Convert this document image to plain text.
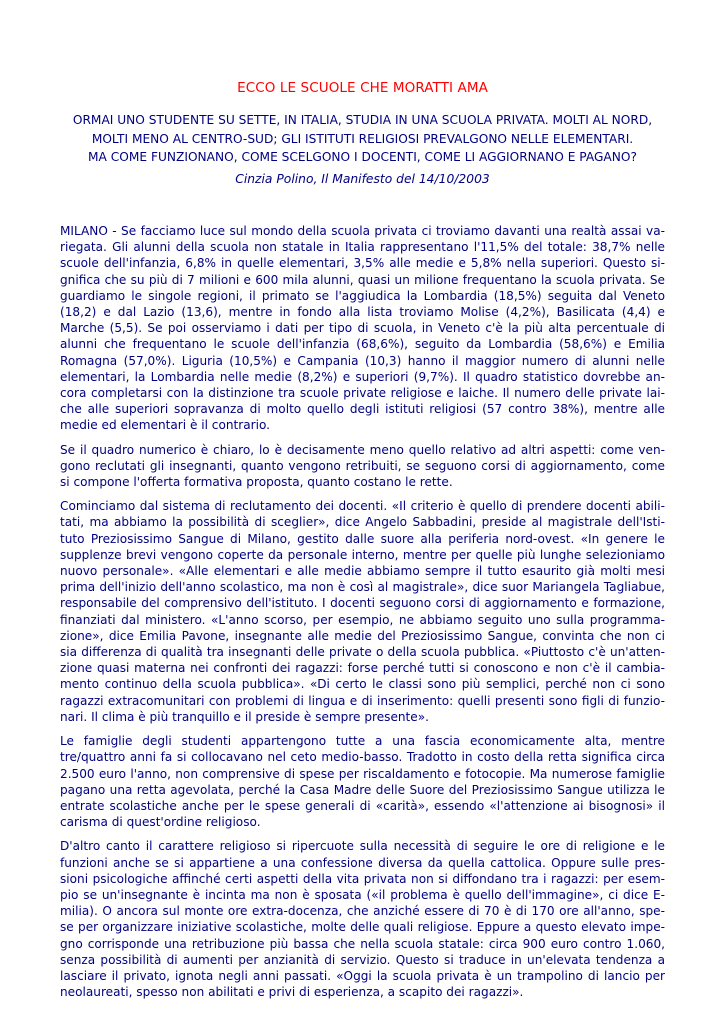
ECCO LE SCUOLE CHE MORATTI AMA
ORMAI UNO STUDENTE SU SETTE, IN ITALIA, STUDIA IN UNA SCUOLA PRIVATA. MOLTI AL NORD,
MOLTI MENO AL CENTRO-SUD; GLI ISTITUTI RELIGIOSI PREVALGONO NELLE ELEMENTARI.
MA COME FUNZIONANO, COME SCELGONO I DOCENTI, COME LI AGGIORNANO E PAGANO?
Cinzia Polino, Il Manifesto del 14/10/2003
MILANO - Se facciamo luce sul mondo della scuola privata ci troviamo davanti una realtà assai va-
riegata. Gli alunni della scuola non statale in Italia rappresentano l'11,5% del totale: 38,7% nelle
scuole dell'infanzia, 6,8% in quelle elementari, 3,5% alle medie e 5,8% nella superiori. Questo si-
gnifica che su più di 7 milioni e 600 mila alunni, quasi un milione frequentano la scuola privata. Se
guardiamo le singole regioni, il primato se l'aggiudica la Lombardia (18,5%) seguita dal Veneto
(18,2) e dal Lazio (13,6), mentre in fondo alla lista troviamo Molise (4,2%), Basilicata (4,4) e
Marche (5,5). Se poi osserviamo i dati per tipo di scuola, in Veneto c'è la più alta percentuale di
alunni che frequentano le scuole dell'infanzia (68,6%), seguito da Lombardia (58,6%) e Emilia
Romagna (57,0%). Liguria (10,5%) e Campania (10,3) hanno il maggior numero di alunni nelle
elementari, la Lombardia nelle medie (8,2%) e superiori (9,7%). Il quadro statistico dovrebbe an-
cora completarsi con la distinzione tra scuole private religiose e laiche. Il numero delle private lai-
che alle superiori sopravanza di molto quello degli istituti religiosi (57 contro 38%), mentre alle
medie ed elementari è il contrario.
Se il quadro numerico è chiaro, lo è decisamente meno quello relativo ad altri aspetti: come ven-
gono reclutati gli insegnanti, quanto vengono retribuiti, se seguono corsi di aggiornamento, come
si compone l'offerta formativa proposta, quanto costano le rette.
Cominciamo dal sistema di reclutamento dei docenti. «Il criterio è quello di prendere docenti abili-
tati, ma abbiamo la possibilità di sceglier», dice Angelo Sabbadini, preside al magistrale dell'Isti-
tuto Preziosissimo Sangue di Milano, gestito dalle suore alla periferia nord-ovest. «In genere le
supplenze brevi vengono coperte da personale interno, mentre per quelle più lunghe selezioniamo
nuovo personale». «Alle elementari e alle medie abbiamo sempre il tutto esaurito già molti mesi
prima dell'inizio dell'anno scolastico, ma non è così al magistrale», dice suor Mariangela Tagliabue,
responsabile del comprensivo dell'istituto. I docenti seguono corsi di aggiornamento e formazione,
finanziati dal ministero. «L'anno scorso, per esempio, ne abbiamo seguito uno sulla programma-
zione», dice Emilia Pavone, insegnante alle medie del Preziosissimo Sangue, convinta che non ci
sia differenza di qualità tra insegnanti delle private o della scuola pubblica. «Piuttosto c'è un'atten-
zione quasi materna nei confronti dei ragazzi: forse perché tutti si conoscono e non c'è il cambia-
mento continuo della scuola pubblica». «Di certo le classi sono più semplici, perché non ci sono
ragazzi extracomunitari con problemi di lingua e di inserimento: quelli presenti sono figli di funzio-
nari. Il clima è più tranquillo e il preside è sempre presente».
Le famiglie degli studenti appartengono tutte a una fascia economicamente alta, mentre
tre/quattro anni fa si collocavano nel ceto medio-basso. Tradotto in costo della retta significa circa
2.500 euro l'anno, non comprensive di spese per riscaldamento e fotocopie. Ma numerose famiglie
pagano una retta agevolata, perché la Casa Madre delle Suore del Preziosissimo Sangue utilizza le
entrate scolastiche anche per le spese generali di «carità», essendo «l'attenzione ai bisognosi» il
carisma di quest'ordine religioso.
D'altro canto il carattere religioso si ripercuote sulla necessità di seguire le ore di religione e le
funzioni anche se si appartiene a una confessione diversa da quella cattolica. Oppure sulle pres-
sioni psicologiche affinché certi aspetti della vita privata non si diffondano tra i ragazzi: per esem-
pio se un'insegnante è incinta ma non è sposata («il problema è quello dell'immagine», ci dice E-
milia). O ancora sul monte ore extra-docenza, che anziché essere di 70 è di 170 ore all'anno, spe-
se per organizzare iniziative scolastiche, molte delle quali religiose. Eppure a questo elevato impe-
gno corrisponde una retribuzione più bassa che nella scuola statale: circa 900 euro contro 1.060,
senza possibilità di aumenti per anzianità di servizio. Questo si traduce in un'elevata tendenza a
lasciare il privato, ignota negli anni passati. «Oggi la scuola privata è un trampolino di lancio per
neolaureati, spesso non abilitati e privi di esperienza, a scapito dei ragazzi».
